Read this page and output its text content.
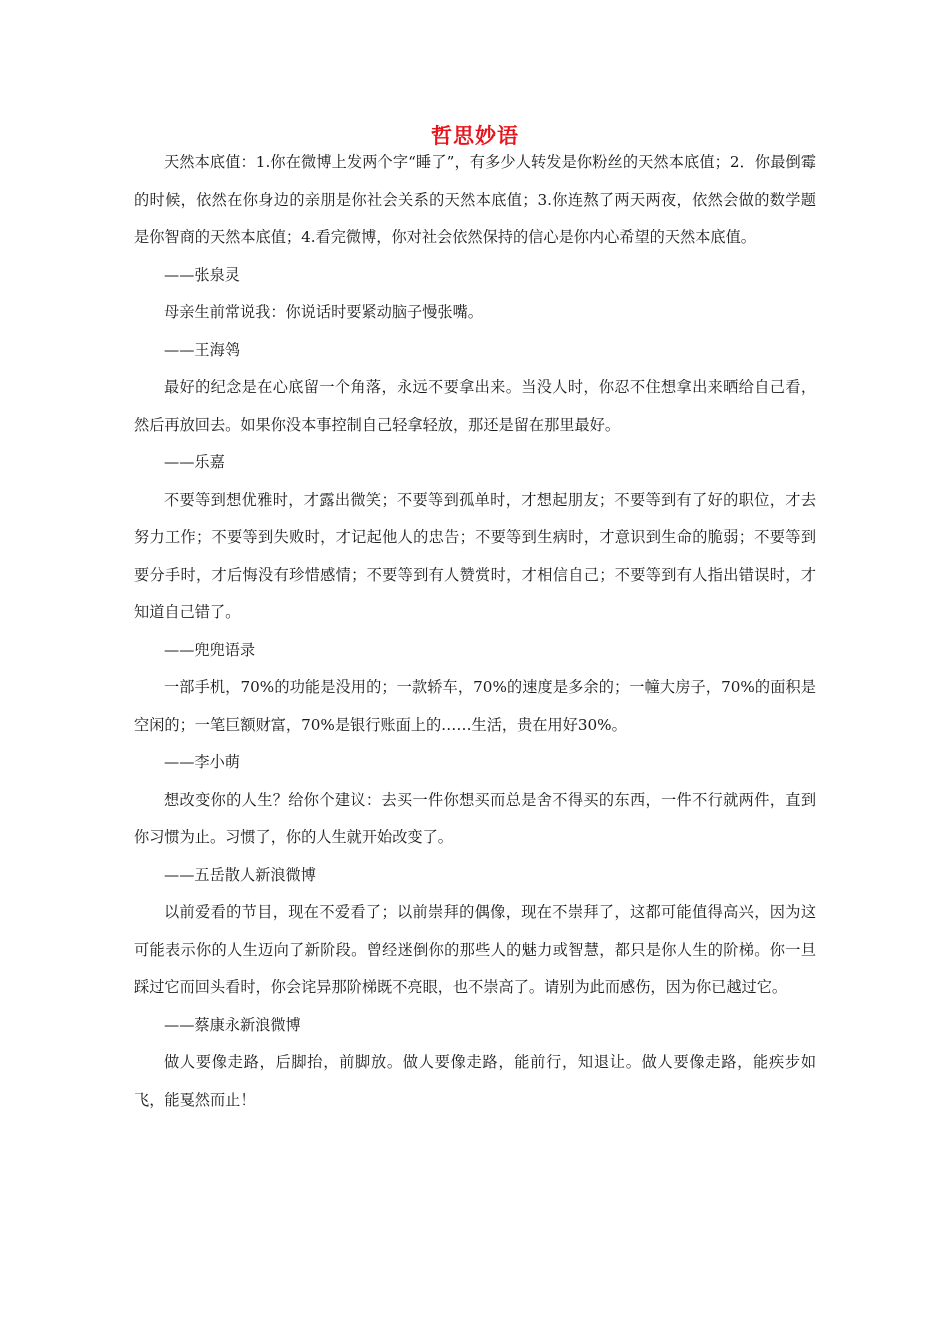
哲思妙语

天然本底值：1.你在微博上发两个字“睡了”，有多少人转发是你粉丝的天然本底值；2．你最倒霉的时候，依然在你身边的亲朋是你社会关系的天然本底值；3.你连熬了两天两夜，依然会做的数学题是你智商的天然本底值；4.看完微博，你对社会依然保持的信心是你内心希望的天然本底值。

——张泉灵

母亲生前常说我：你说话时要紧动脑子慢张嘴。

——王海鸰

最好的纪念是在心底留一个角落，永远不要拿出来。当没人时，你忍不住想拿出来晒给自己看，然后再放回去。如果你没本事控制自己轻拿轻放，那还是留在那里最好。

——乐嘉

不要等到想优雅时，才露出微笑；不要等到孤单时，才想起朋友；不要等到有了好的职位，才去努力工作；不要等到失败时，才记起他人的忠告；不要等到生病时，才意识到生命的脆弱；不要等到要分手时，才后悔没有珍惜感情；不要等到有人赞赏时，才相信自己；不要等到有人指出错误时，才知道自己错了。

——兜兜语录

一部手机，70%的功能是没用的；一款轿车，70%的速度是多余的；一幢大房子，70%的面积是空闲的；一笔巨额财富，70%是银行账面上的……生活，贵在用好30%。

——李小萌

想改变你的人生？给你个建议：去买一件你想买而总是舍不得买的东西，一件不行就两件，直到你习惯为止。习惯了，你的人生就开始改变了。

——五岳散人新浪微博

以前爱看的节目，现在不爱看了；以前崇拜的偶像，现在不崇拜了，这都可能值得高兴，因为这可能表示你的人生迈向了新阶段。曾经迷倒你的那些人的魅力或智慧，都只是你人生的阶梯。你一旦踩过它而回头看时，你会诧异那阶梯既不亮眼，也不崇高了。请别为此而感伤，因为你已越过它。

——蔡康永新浪微博

做人要像走路，后脚抬，前脚放。做人要像走路，能前行，知退让。做人要像走路，能疾步如飞，能戛然而止！
